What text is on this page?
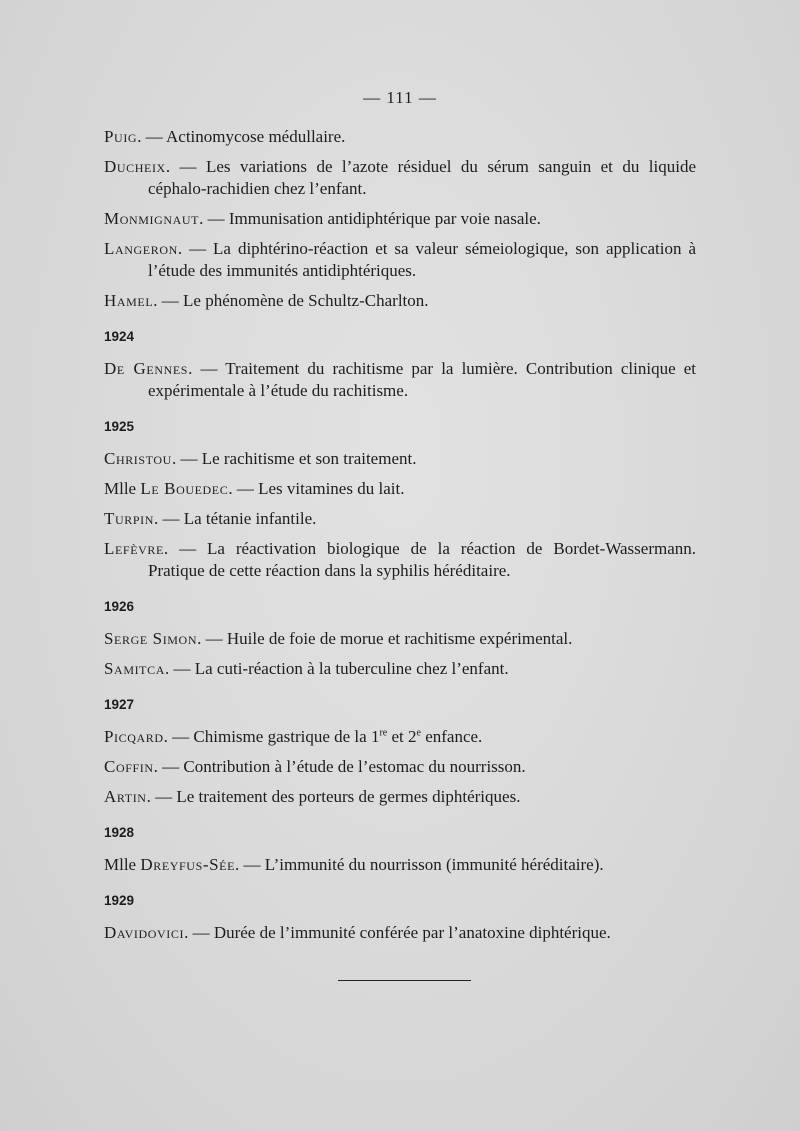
— 111 —

Puig. — Actinomycose médullaire.

Ducheix. — Les variations de l’azote résiduel du sérum sanguin et du liquide céphalo-rachidien chez l’enfant.

Monmignaut. — Immunisation antidiphtérique par voie nasale.

Langeron. — La diphtérino-réaction et sa valeur sémeiologique, son application à l’étude des immunités antidiphtériques.

Hamel. — Le phénomène de Schultz-Charlton.

1924

De Gennes. — Traitement du rachitisme par la lumière. Contribution clinique et expérimentale à l’étude du rachitisme.

1925

Christou. — Le rachitisme et son traitement.

Mlle Le Bouedec. — Les vitamines du lait.

Turpin. — La tétanie infantile.

Lefèvre. — La réactivation biologique de la réaction de Bordet-Wassermann. Pratique de cette réaction dans la syphilis héréditaire.

1926

Serge Simon. — Huile de foie de morue et rachitisme expérimental.

Samitca. — La cuti-réaction à la tuberculine chez l’enfant.

1927

Picqard. — Chimisme gastrique de la 1re et 2e enfance.

Coffin. — Contribution à l’étude de l’estomac du nourrisson.

Artin. — Le traitement des porteurs de germes diphtériques.

1928

Mlle Dreyfus-Sée. — L’immunité du nourrisson (immunité héréditaire).

1929

Davidovici. — Durée de l’immunité conférée par l’anatoxine diphtérique.
